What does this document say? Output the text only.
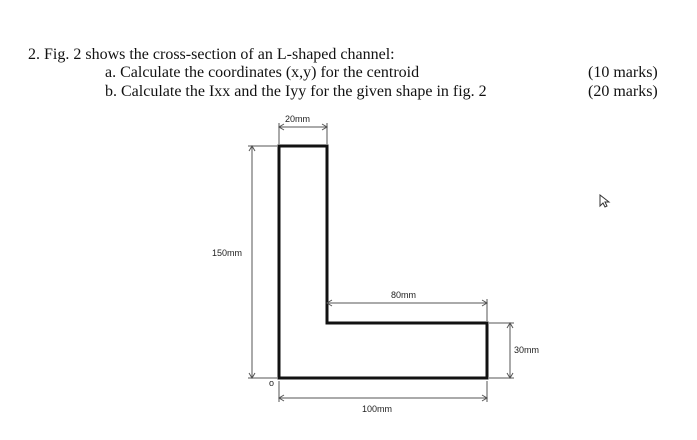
2. Fig. 2 shows the cross-section of an L-shaped channel:
a. Calculate the coordinates (x,y) for the centroid
b. Calculate the Ixx and the Iyy for the given shape in fig. 2
(10 marks)
(20 marks)
20mm
150mm
80mm
30mm
100mm
o
